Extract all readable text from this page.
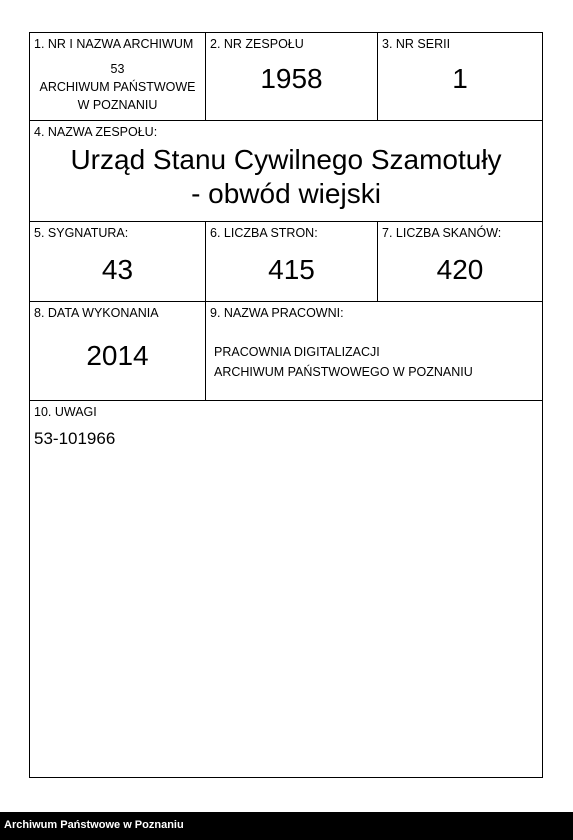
1. NR I NAZWA ARCHIWUM
53
ARCHIWUM PAŃSTWOWE
W POZNANIU
2. NR ZESPOŁU
1958
3. NR SERII
1
4. NAZWA ZESPOŁU:
Urząd Stanu Cywilnego Szamotuły
- obwód wiejski
5. SYGNATURA:
43
6. LICZBA STRON:
415
7. LICZBA SKANÓW:
420
8. DATA WYKONANIA
2014
9. NAZWA PRACOWNI:
PRACOWNIA DIGITALIZACJI
ARCHIWUM PAŃSTWOWEGO W POZNANIU
10. UWAGI
53-101966
Archiwum Państwowe w Poznaniu
